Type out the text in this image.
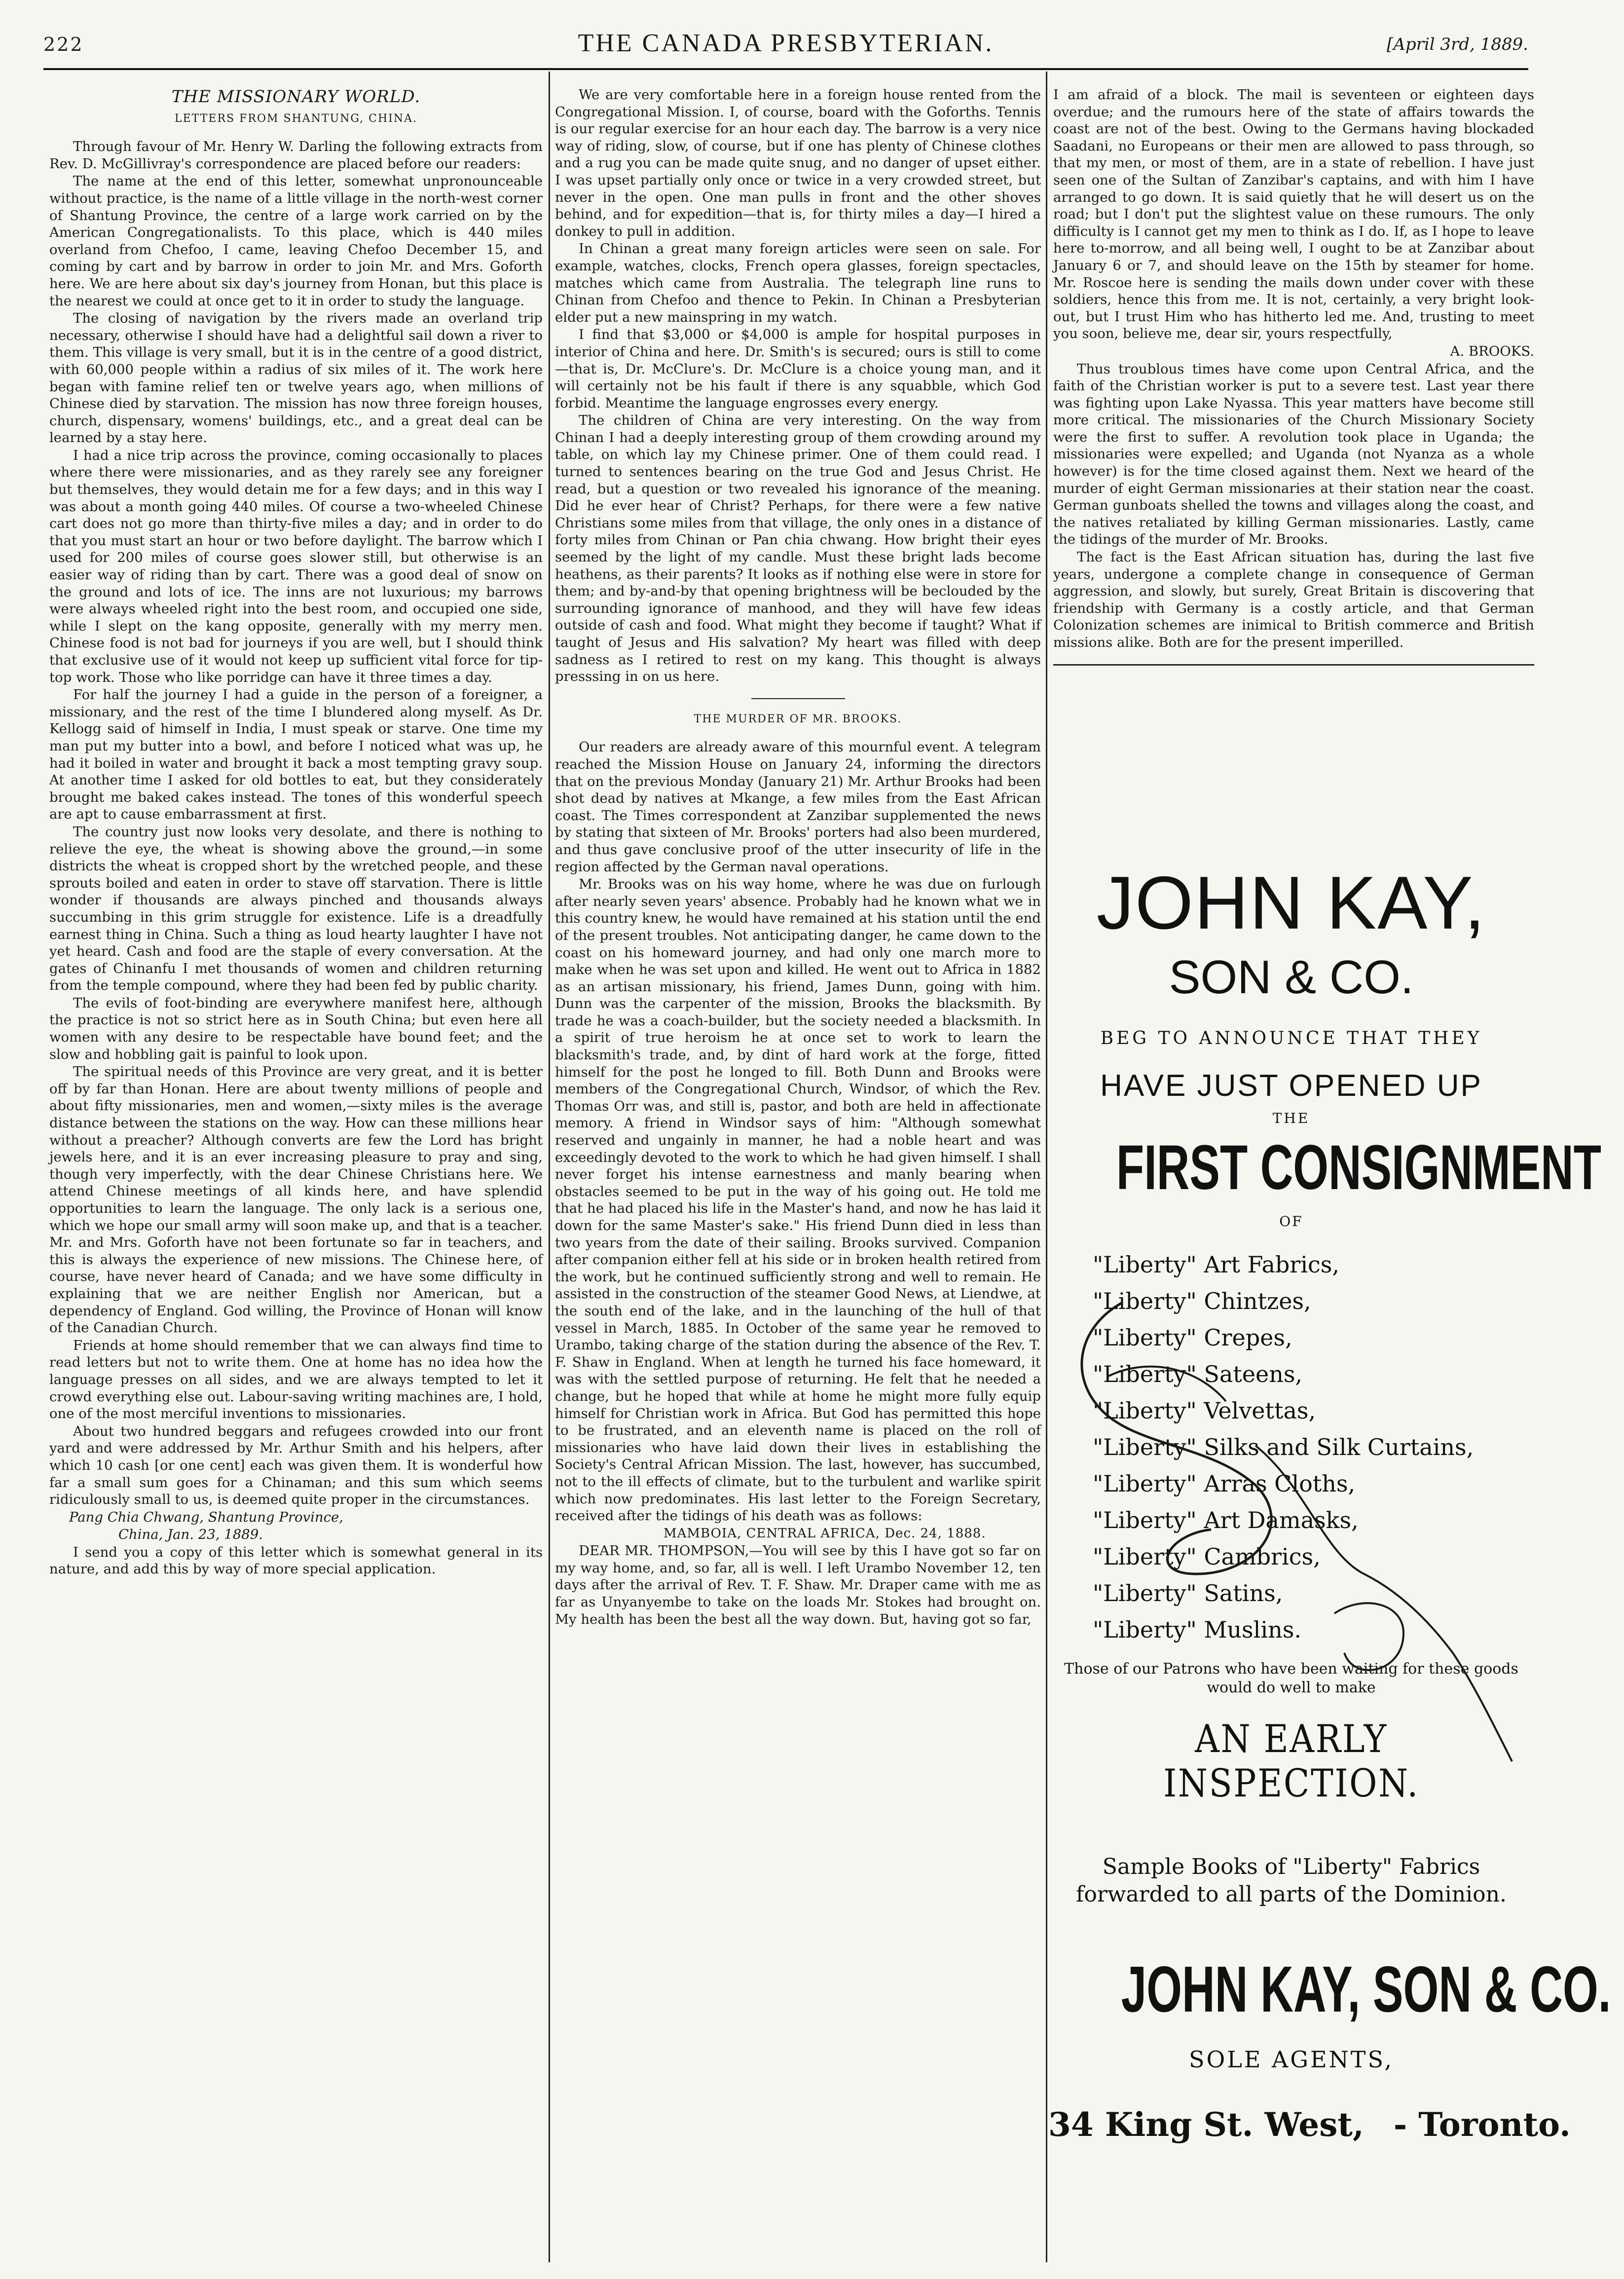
222	THE CANADA PRESBYTERIAN.	[April 3rd, 1889.
THE MISSIONARY WORLD.
LETTERS FROM SHANTUNG, CHINA.

Through favour of Mr. Henry W. Darling the following extracts from Rev. D. McGillivray's correspondence are placed before our readers:

The name at the end of this letter, somewhat unpronounceable without practice, is the name of a little village in the north-west corner of Shantung Province, the centre of a large work carried on by the American Congregationalists. To this place, which is 440 miles overland from Chefoo, I came, leaving Chefoo December 15, and coming by cart and by barrow in order to join Mr. and Mrs. Goforth here. We are here about six day's journey from Honan, but this place is the nearest we could at once get to it in order to study the language.

The closing of navigation by the rivers made an overland trip necessary, otherwise I should have had a delightful sail down a river to them. This village is very small, but it is in the centre of a good district, with 60,000 people within a radius of six miles of it. The work here began with famine relief ten or twelve years ago, when millions of Chinese died by starvation. The mission has now three foreign houses, church, dispensary, womens' buildings, etc., and a great deal can be learned by a stay here.

I had a nice trip across the province, coming occasionally to places where there were missionaries, and as they rarely see any foreigner but themselves, they would detain me for a few days; and in this way I was about a month going 440 miles. Of course a two-wheeled Chinese cart does not go more than thirty-five miles a day; and in order to do that you must start an hour or two before daylight. The barrow which I used for 200 miles of course goes slower still, but otherwise is an easier way of riding than by cart. There was a good deal of snow on the ground and lots of ice. The inns are not luxurious; my barrows were always wheeled right into the best room, and occupied one side, while I slept on the kang opposite, generally with my merry men. Chinese food is not bad for journeys if you are well, but I should think that exclusive use of it would not keep up sufficient vital force for tip-top work. Those who like porridge can have it three times a day.

For half the journey I had a guide in the person of a foreigner, a missionary, and the rest of the time I blundered along myself. As Dr. Kellogg said of himself in India, I must speak or starve. One time my man put my butter into a bowl, and before I noticed what was up, he had it boiled in water and brought it back a most tempting gravy soup. At another time I asked for old bottles to eat, but they considerately brought me baked cakes instead. The tones of this wonderful speech are apt to cause embarrassment at first.

The country just now looks very desolate, and there is nothing to relieve the eye, the wheat is showing above the ground,—in some districts the wheat is cropped short by the wretched people, and these sprouts boiled and eaten in order to stave off starvation. There is little wonder if thousands are always pinched and thousands always succumbing in this grim struggle for existence. Life is a dreadfully earnest thing in China. Such a thing as loud hearty laughter I have not yet heard. Cash and food are the staple of every conversation. At the gates of Chinanfu I met thousands of women and children returning from the temple compound, where they had been fed by public charity.

The evils of foot-binding are everywhere manifest here, although the practice is not so strict here as in South China; but even here all women with any desire to be respectable have bound feet; and the slow and hobbling gait is painful to look upon.

The spiritual needs of this Province are very great, and it is better off by far than Honan. Here are about twenty millions of people and about fifty missionaries, men and women,—sixty miles is the average distance between the stations on the way. How can these millions hear without a preacher? Although converts are few the Lord has bright jewels here, and it is an ever increasing pleasure to pray and sing, though very imperfectly, with the dear Chinese Christians here. We attend Chinese meetings of all kinds here, and have splendid opportunities to learn the language. The only lack is a serious one, which we hope our small army will soon make up, and that is a teacher. Mr. and Mrs. Goforth have not been fortunate so far in teachers, and this is always the experience of new missions. The Chinese here, of course, have never heard of Canada; and we have some difficulty in explaining that we are neither English nor American, but a dependency of England. God willing, the Province of Honan will know of the Canadian Church.

Friends at home should remember that we can always find time to read letters but not to write them. One at home has no idea how the language presses on all sides, and we are always tempted to let it crowd everything else out. Labour-saving writing machines are, I hold, one of the most merciful inventions to missionaries.

About two hundred beggars and refugees crowded into our front yard and were addressed by Mr. Arthur Smith and his helpers, after which 10 cash [or one cent] each was given them. It is wonderful how far a small sum goes for a Chinaman; and this sum which seems ridiculously small to us, is deemed quite proper in the circumstances.

Pang Chia Chwang, Shantung Province,

China, Jan. 23, 1889.

I send you a copy of this letter which is somewhat general in its nature, and add this by way of more special application.

We are very comfortable here in a foreign house rented from the Congregational Mission. I, of course, board with the Goforths. Tennis is our regular exercise for an hour each day. The barrow is a very nice way of riding, slow, of course, but if one has plenty of Chinese clothes and a rug you can be made quite snug, and no danger of upset either. I was upset partially only once or twice in a very crowded street, but never in the open. One man pulls in front and the other shoves behind, and for expedition—that is, for thirty miles a day—I hired a donkey to pull in addition.

In Chinan a great many foreign articles were seen on sale. For example, watches, clocks, French opera glasses, foreign spectacles, matches which came from Australia. The telegraph line runs to Chinan from Chefoo and thence to Pekin. In Chinan a Presbyterian elder put a new mainspring in my watch.

I find that $3,000 or $4,000 is ample for hospital purposes in interior of China and here. Dr. Smith's is secured; ours is still to come—that is, Dr. McClure's. Dr. McClure is a choice young man, and it will certainly not be his fault if there is any squabble, which God forbid. Meantime the language engrosses every energy.

The children of China are very interesting. On the way from Chinan I had a deeply interesting group of them crowding around my table, on which lay my Chinese primer. One of them could read. I turned to sentences bearing on the true God and Jesus Christ. He read, but a question or two revealed his ignorance of the meaning. Did he ever hear of Christ? Perhaps, for there were a few native Christians some miles from that village, the only ones in a distance of forty miles from Chinan or Pan chia chwang. How bright their eyes seemed by the light of my candle. Must these bright lads become heathens, as their parents? It looks as if nothing else were in store for them; and by-and-by that opening brightness will be beclouded by the surrounding ignorance of manhood, and they will have few ideas outside of cash and food. What might they become if taught? What if taught of Jesus and His salvation? My heart was filled with deep sadness as I retired to rest on my kang. This thought is always presssing in on us here.

THE MURDER OF MR. BROOKS.

Our readers are already aware of this mournful event. A telegram reached the Mission House on January 24, informing the directors that on the previous Monday (January 21) Mr. Arthur Brooks had been shot dead by natives at Mkange, a few miles from the East African coast. The Times correspondent at Zanzibar supplemented the news by stating that sixteen of Mr. Brooks' porters had also been murdered, and thus gave conclusive proof of the utter insecurity of life in the region affected by the German naval operations.

Mr. Brooks was on his way home, where he was due on furlough after nearly seven years' absence. Probably had he known what we in this country knew, he would have remained at his station until the end of the present troubles. Not anticipating danger, he came down to the coast on his homeward journey, and had only one march more to make when he was set upon and killed. He went out to Africa in 1882 as an artisan missionary, his friend, James Dunn, going with him. Dunn was the carpenter of the mission, Brooks the blacksmith. By trade he was a coach-builder, but the society needed a blacksmith. In a spirit of true heroism he at once set to work to learn the blacksmith's trade, and, by dint of hard work at the forge, fitted himself for the post he longed to fill. Both Dunn and Brooks were members of the Congregational Church, Windsor, of which the Rev. Thomas Orr was, and still is, pastor, and both are held in affectionate memory. A friend in Windsor says of him: "Although somewhat reserved and ungainly in manner, he had a noble heart and was exceedingly devoted to the work to which he had given himself. I shall never forget his intense earnestness and manly bearing when obstacles seemed to be put in the way of his going out. He told me that he had placed his life in the Master's hand, and now he has laid it down for the same Master's sake." His friend Dunn died in less than two years from the date of their sailing. Brooks survived. Companion after companion either fell at his side or in broken health retired from the work, but he continued sufficiently strong and well to remain. He assisted in the construction of the steamer Good News, at Liendwe, at the south end of the lake, and in the launching of the hull of that vessel in March, 1885. In October of the same year he removed to Urambo, taking charge of the station during the absence of the Rev. T. F. Shaw in England. When at length he turned his face homeward, it was with the settled purpose of returning. He felt that he needed a change, but he hoped that while at home he might more fully equip himself for Christian work in Africa. But God has permitted this hope to be frustrated, and an eleventh name is placed on the roll of missionaries who have laid down their lives in establishing the Society's Central African Mission. The last, however, has succumbed, not to the ill effects of climate, but to the turbulent and warlike spirit which now predominates. His last letter to the Foreign Secretary, received after the tidings of his death was as follows:

MAMBOIA, CENTRAL AFRICA, Dec. 24, 1888.

DEAR MR. THOMPSON,—You will see by this I have got so far on my way home, and, so far, all is well. I left Urambo November 12, ten days after the arrival of Rev. T. F. Shaw. Mr. Draper came with me as far as Unyanyembe to take on the loads Mr. Stokes had brought on. My health has been the best all the way down. But, having got so far,

I am afraid of a block. The mail is seventeen or eighteen days overdue; and the rumours here of the state of affairs towards the coast are not of the best. Owing to the Germans having blockaded Saadani, no Europeans or their men are allowed to pass through, so that my men, or most of them, are in a state of rebellion. I have just seen one of the Sultan of Zanzibar's captains, and with him I have arranged to go down. It is said quietly that he will desert us on the road; but I don't put the slightest value on these rumours. The only difficulty is I cannot get my men to think as I do. If, as I hope to leave here to-morrow, and all being well, I ought to be at Zanzibar about January 6 or 7, and should leave on the 15th by steamer for home. Mr. Roscoe here is sending the mails down under cover with these soldiers, hence this from me. It is not, certainly, a very bright look-out, but I trust Him who has hitherto led me. And, trusting to meet you soon, believe me, dear sir, yours respectfully,

A. BROOKS.

Thus troublous times have come upon Central Africa, and the faith of the Christian worker is put to a severe test. Last year there was fighting upon Lake Nyassa. This year matters have become still more critical. The missionaries of the Church Missionary Society were the first to suffer. A revolution took place in Uganda; the missionaries were expelled; and Uganda (not Nyanza as a whole however) is for the time closed against them. Next we heard of the murder of eight German missionaries at their station near the coast. German gunboats shelled the towns and villages along the coast, and the natives retaliated by killing German missionaries. Lastly, came the tidings of the murder of Mr. Brooks.

The fact is the East African situation has, during the last five years, undergone a complete change in consequence of German aggression, and slowly, but surely, Great Britain is discovering that friendship with Germany is a costly article, and that German Colonization schemes are inimical to British commerce and British missions alike. Both are for the present imperilled.

JOHN KAY,
SON & CO.
BEG TO ANNOUNCE THAT THEY
HAVE JUST OPENED UP
THE
FIRST CONSIGNMENT
OF
"Liberty" Art Fabrics,
"Liberty" Chintzes,
"Liberty" Crepes,
"Liberty" Sateens,
"Liberty" Velvettas,
"Liberty" Silks and Silk Curtains,
"Liberty" Arras Cloths,
"Liberty" Art Damasks,
"Liberty" Cambrics,
"Liberty" Satins,
"Liberty" Muslins.
Those of our Patrons who have been waiting for these goods would do well to make
AN EARLY INSPECTION.
Sample Books of "Liberty" Fabrics forwarded to all parts of the Dominion.
JOHN KAY, SON & CO.
SOLE AGENTS,
34 King St. West, - Toronto.
